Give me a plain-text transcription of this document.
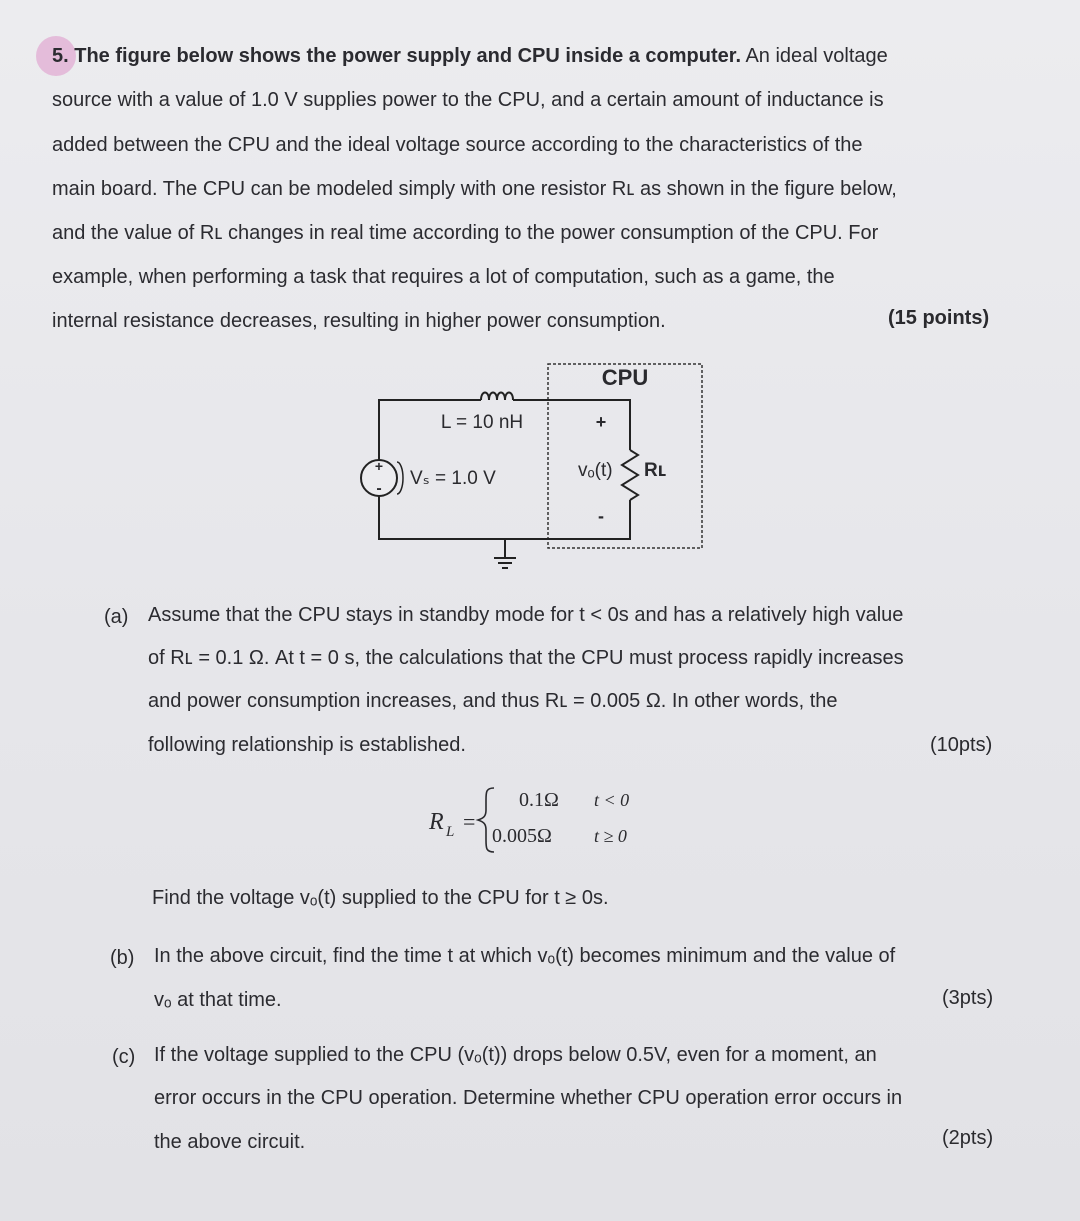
5. The figure below shows the power supply and CPU inside a computer. An ideal voltage
source with a value of 1.0 V supplies power to the CPU, and a certain amount of inductance is
added between the CPU and the ideal voltage source according to the characteristics of the
main board. The CPU can be modeled simply with one resistor Rʟ as shown in the figure below,
and the value of Rʟ changes in real time according to the power consumption of the CPU. For
example, when performing a task that requires a lot of computation, such as a game, the
internal resistance decreases, resulting in higher power consumption.	(15 points)
CPU
L = 10 nH
+
- Vₛ = 1.0 V
+
-
vₒ(t) Rʟ
(a) Assume that the CPU stays in standby mode for t < 0s and has a relatively high value
of Rʟ = 0.1 Ω. At t = 0 s, the calculations that the CPU must process rapidly increases
and power consumption increases, and thus Rʟ = 0.005 Ω. In other words, the
following relationship is established.	(10pts)
R L =
0.1Ω t < 0
0.005Ω t ≥ 0
Find the voltage vₒ(t) supplied to the CPU for t ≥ 0s.
(b) In the above circuit, find the time t at which vₒ(t) becomes minimum and the value of
vₒ at that time.	(3pts)
(c) If the voltage supplied to the CPU (vₒ(t)) drops below 0.5V, even for a moment, an
error occurs in the CPU operation. Determine whether CPU operation error occurs in
the above circuit.	(2pts)
